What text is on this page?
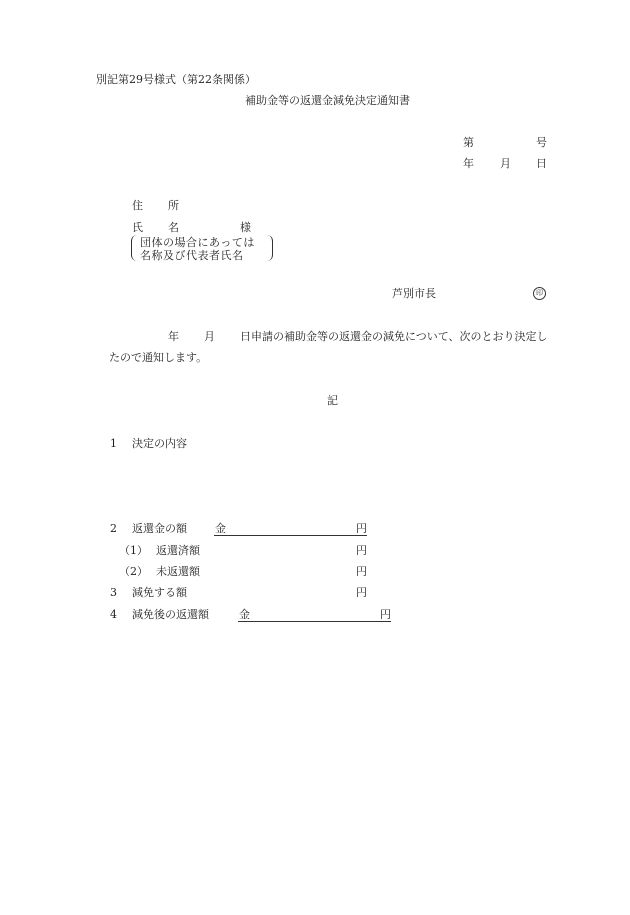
別記第29号様式（第22条関係）
補助金等の返還金減免決定通知書
第	号
年 月 日
住 所
氏 名	様
団体の場合にあっては
名称及び代表者氏名
芦別市長	印
年 月 日申請の補助金等の返還金の減免について、次のとおり決定し
たので通知します。
記
1 決定の内容
2 返還金の額	金	円
（1） 返還済額	円
（2） 未返還額	円
3 減免する額	円
4 減免後の返還額	金	円
